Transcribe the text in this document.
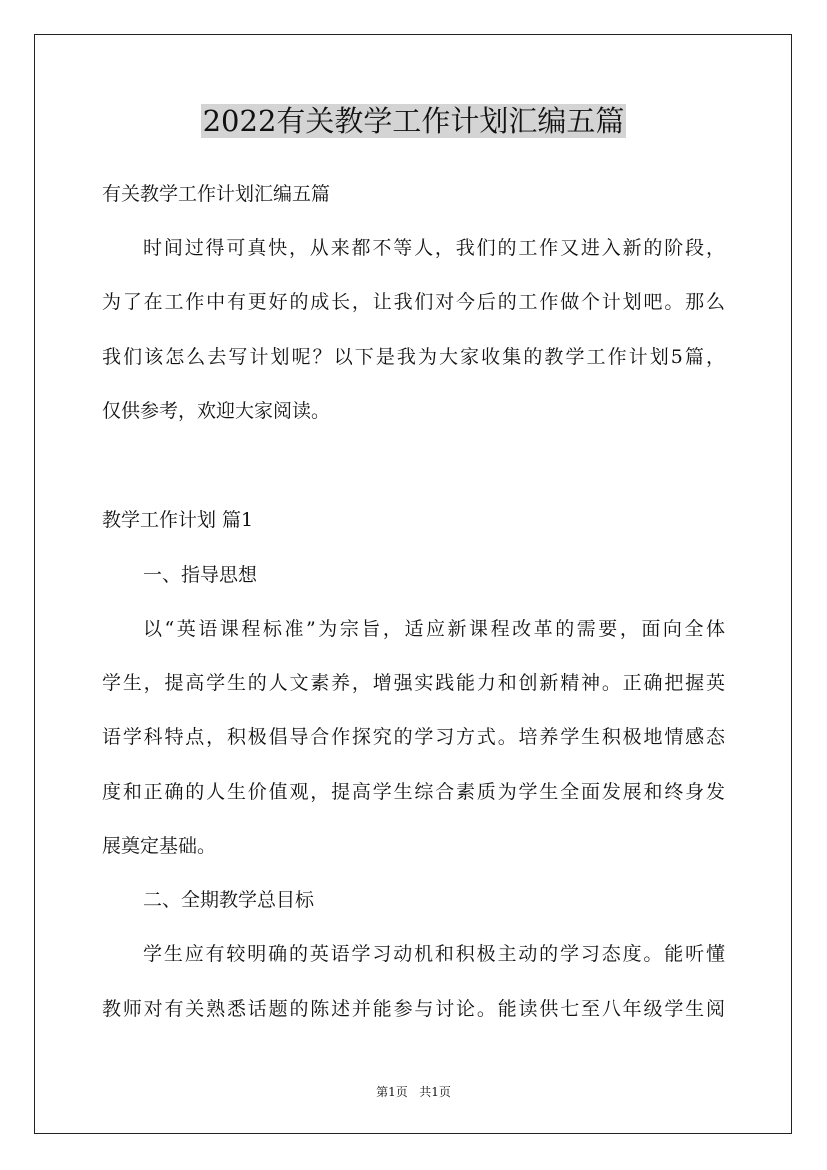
2022有关教学工作计划汇编五篇
有关教学工作计划汇编五篇
时间过得可真快，从来都不等人，我们的工作又进入新的阶段，
为了在工作中有更好的成长，让我们对今后的工作做个计划吧。那么
我们该怎么去写计划呢？以下是我为大家收集的教学工作计划5篇，
仅供参考，欢迎大家阅读。
教学工作计划 篇1
一、指导思想
以“英语课程标准”为宗旨，适应新课程改革的需要，面向全体
学生，提高学生的人文素养，增强实践能力和创新精神。正确把握英
语学科特点，积极倡导合作探究的学习方式。培养学生积极地情感态
度和正确的人生价值观，提高学生综合素质为学生全面发展和终身发
展奠定基础。
二、全期教学总目标
学生应有较明确的英语学习动机和积极主动的学习态度。能听懂
教师对有关熟悉话题的陈述并能参与讨论。能读供七至八年级学生阅
第1页   共1页
